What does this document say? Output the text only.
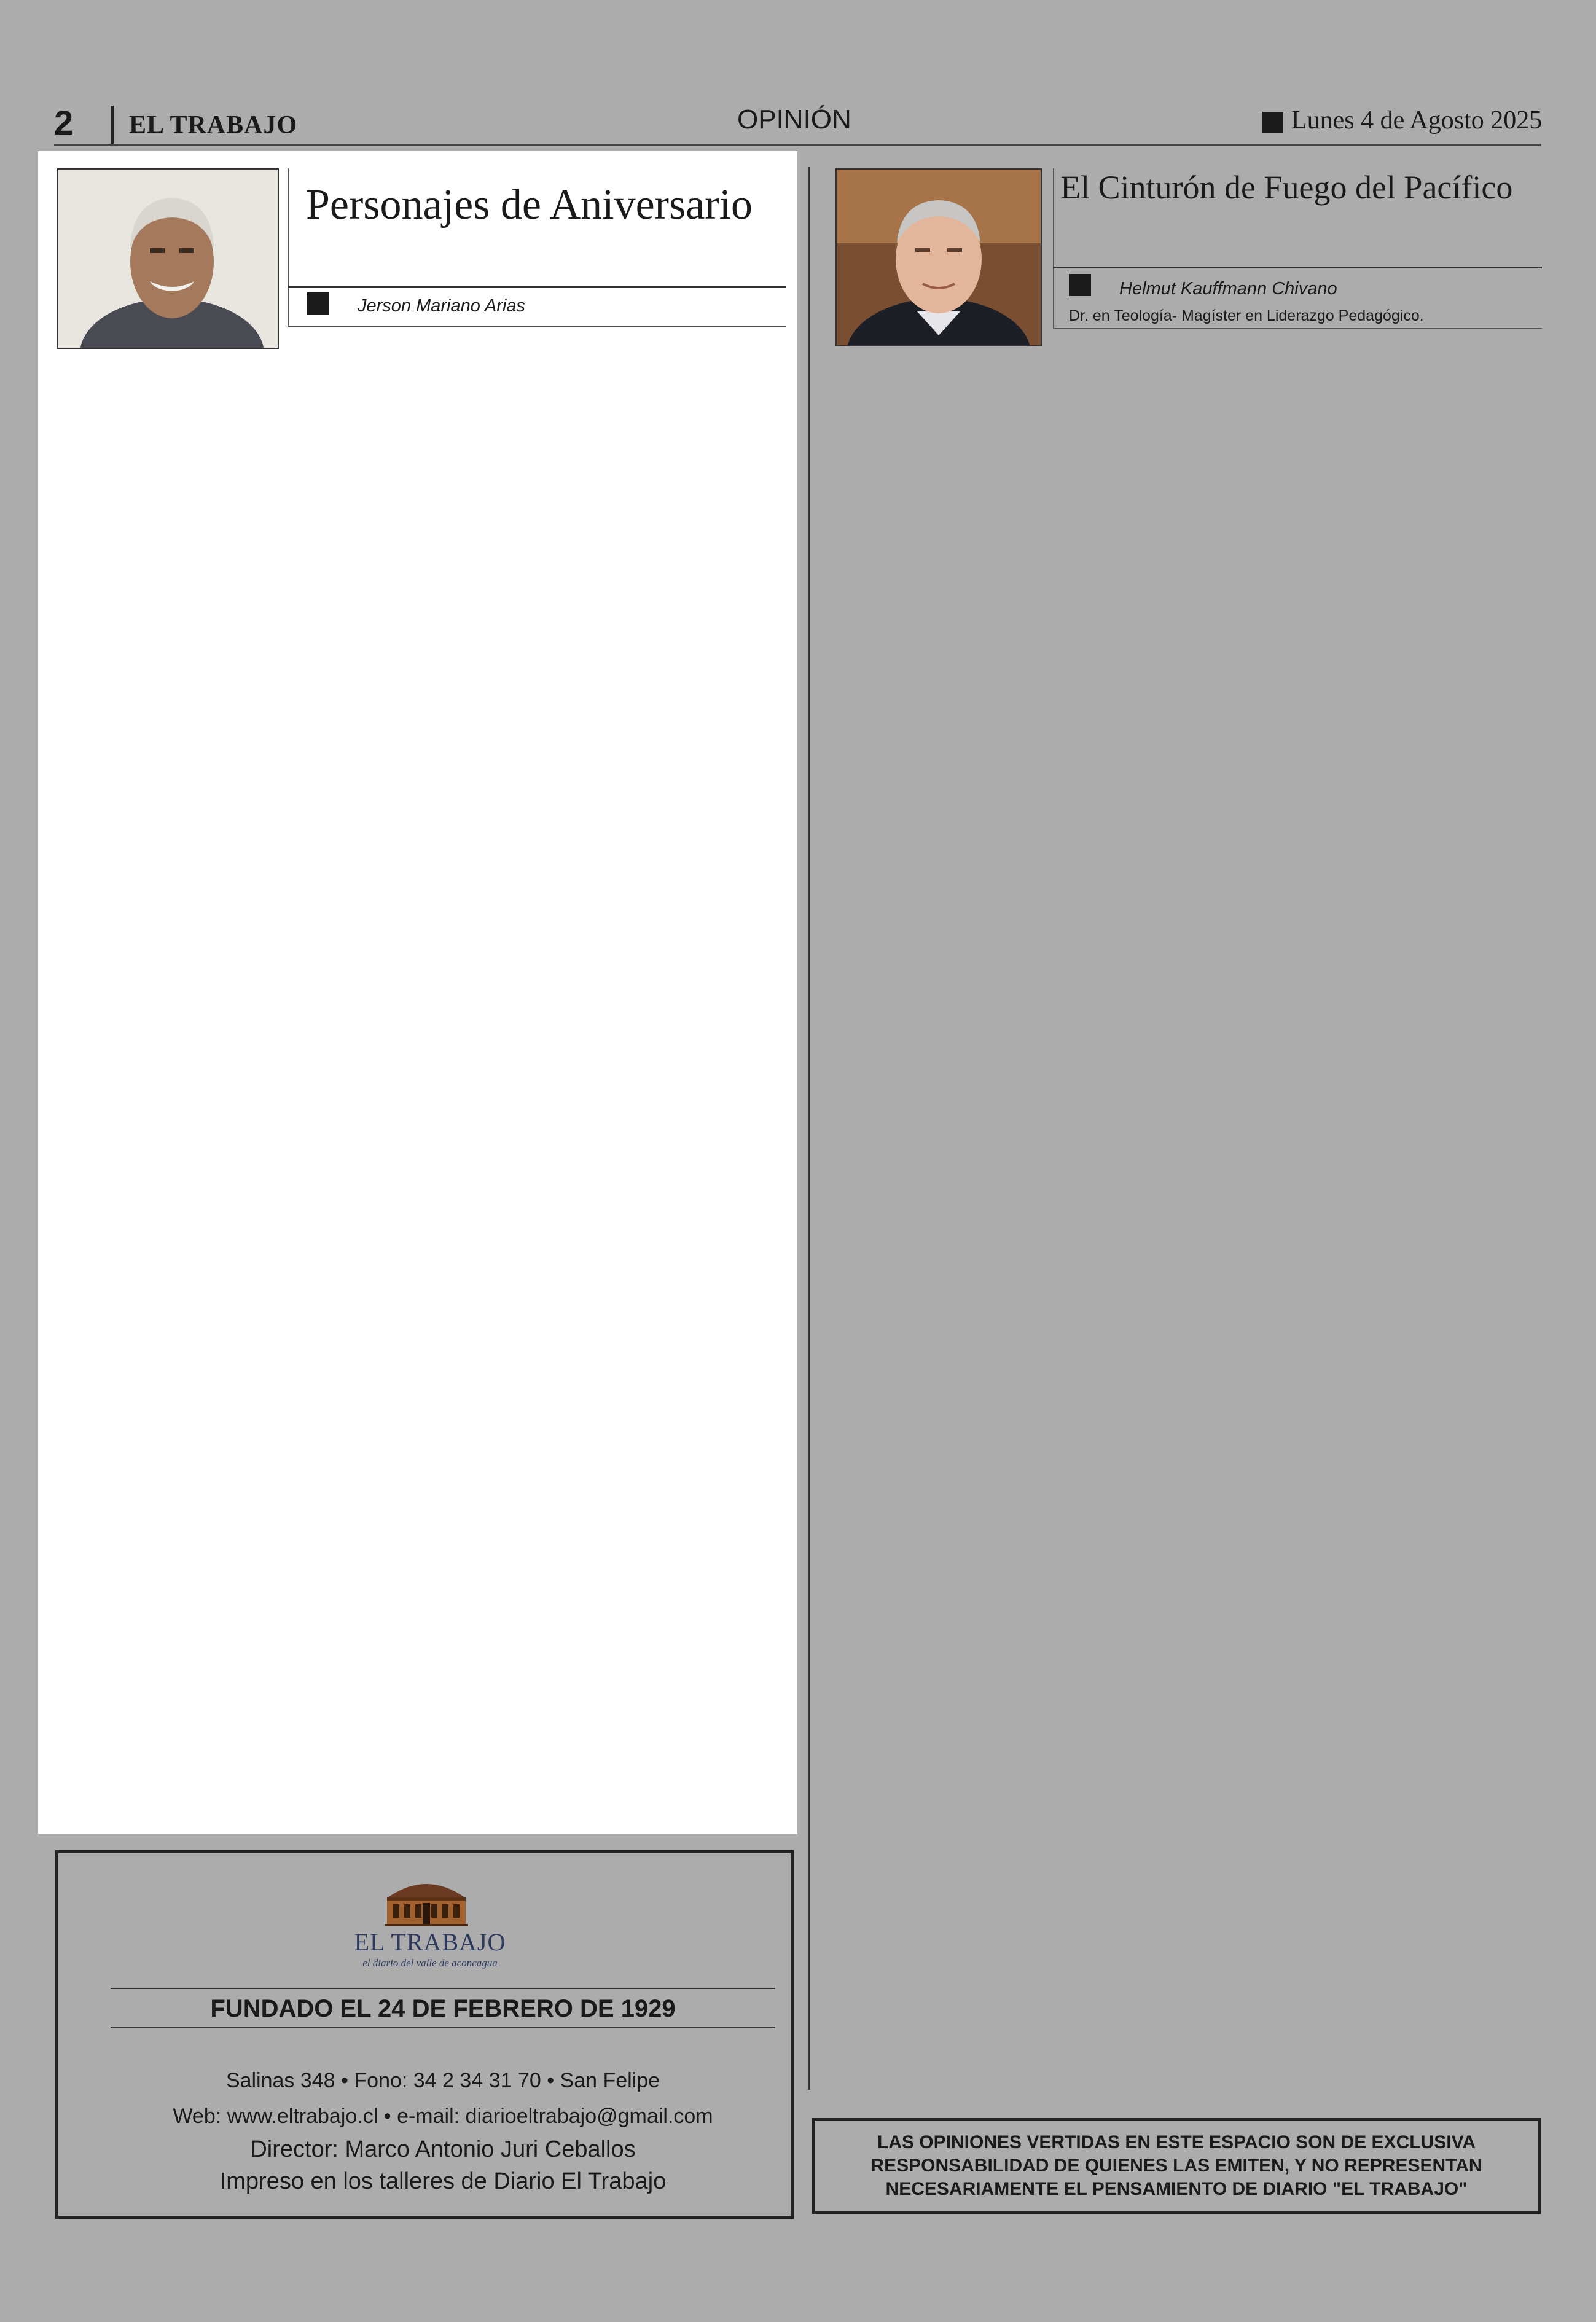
2 EL TRABAJO	OPINIÓN	Lunes 4 de Agosto 2025
Personajes de Aniversario
Jerson Mariano Arias
EL TRABAJO
el diario del valle de aconcagua
FUNDADO EL 24 DE FEBRERO DE 1929
Salinas 348 • Fono: 34 2 34 31 70 • San Felipe
Web: www.eltrabajo.cl • e-mail: diarioeltrabajo@gmail.com
Director: Marco Antonio Juri Ceballos
Impreso en los talleres de Diario El Trabajo
El Cinturón de Fuego del Pacífico
Helmut Kauffmann Chivano
Dr. en Teología- Magíster en Liderazgo Pedagógico.
LAS OPINIONES VERTIDAS EN ESTE ESPACIO SON DE EXCLUSIVA RESPONSABILIDAD DE QUIENES LAS EMITEN, Y NO REPRESENTAN NECESARIAMENTE EL PENSAMIENTO DE DIARIO "EL TRABAJO"
